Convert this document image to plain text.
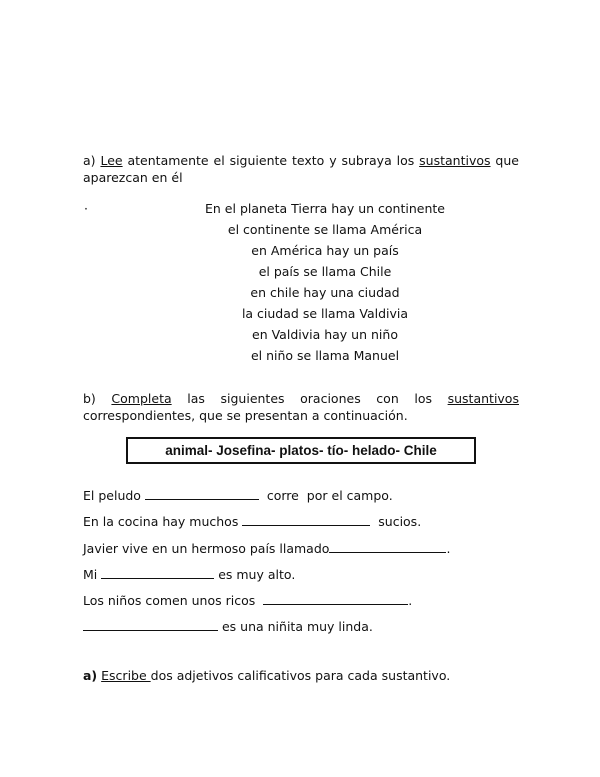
a) Lee atentamente el siguiente texto y subraya los sustantivos que aparezcan en él

·	En el planeta Tierra hay un continente
el continente se llama América
en América hay un país
el país se llama Chile
en chile hay una ciudad
la ciudad se llama Valdivia
en Valdivia hay un niño
el niño se llama Manuel

b) Completa las siguientes oraciones con los sustantivos correspondientes, que se presentan a continuación.

animal- Josefina- platos- tío- helado- Chile
El peludo	corre  por el campo.
En la cocina hay muchos	sucios.
Javier vive en un hermoso país llamado	.
Mi	es muy alto.
Los niños comen unos ricos	.
es una niñita muy linda.

a) Escribe dos adjetivos calificativos para cada sustantivo.
